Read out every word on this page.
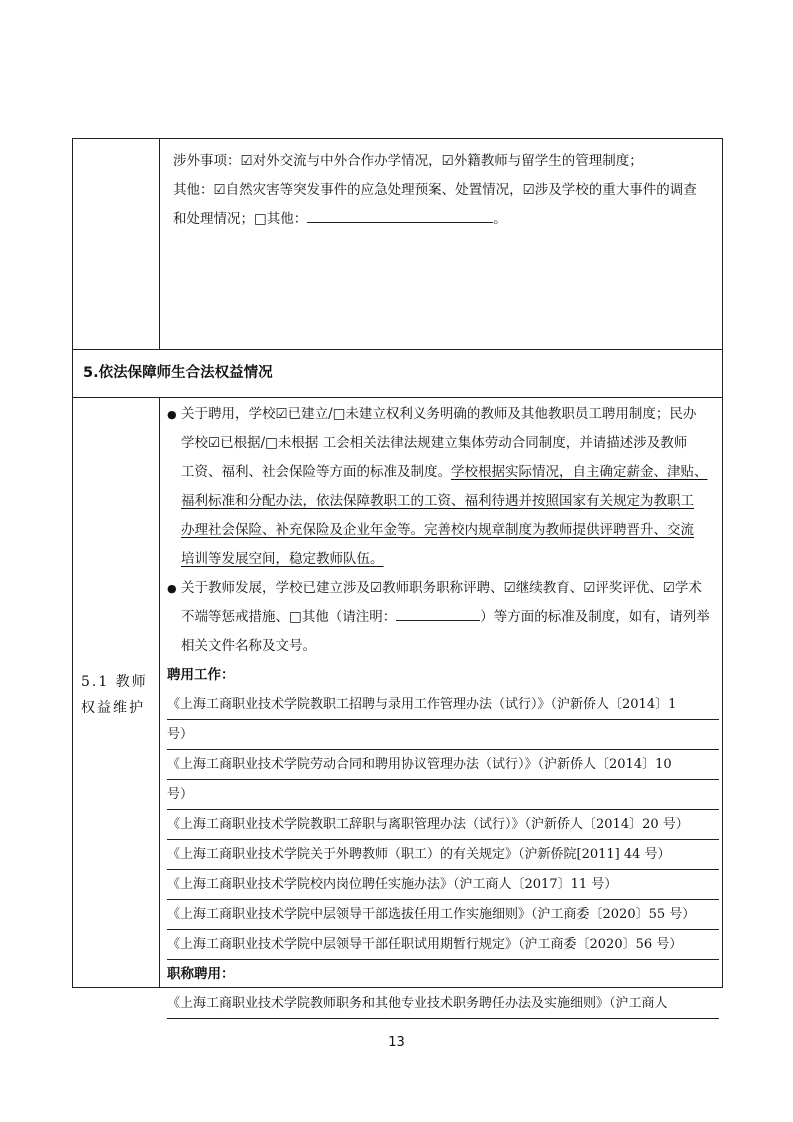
涉外事项：☑对外交流与中外合作办学情况，☑外籍教师与留学生的管理制度；
其他：☑自然灾害等突发事件的应急处理预案、处置情况，☑涉及学校的重大事件的调查
和处理情况；□其他：	。
5.依法保障师生合法权益情况
5.1 教师权益维护
● 关于聘用，学校☑已建立/□未建立权利义务明确的教师及其他教职员工聘用制度；民办
学校☑已根据/□未根据 工会相关法律法规建立集体劳动合同制度，并请描述涉及教师
工资、福利、社会保险等方面的标准及制度。学校根据实际情况，自主确定薪金、津贴、
福利标准和分配办法，依法保障教职工的工资、福利待遇并按照国家有关规定为教职工
办理社会保险、补充保险及企业年金等。完善校内规章制度为教师提供评聘晋升、交流
培训等发展空间，稳定教师队伍。
● 关于教师发展，学校已建立涉及☑教师职务职称评聘、☑继续教育、☑评奖评优、☑学术
不端等惩戒措施、□其他（请注明：	）等方面的标准及制度，如有，请列举
相关文件名称及文号。
聘用工作：
《上海工商职业技术学院教职工招聘与录用工作管理办法（试行）》（沪新侨人〔2014〕1
号）
《上海工商职业技术学院劳动合同和聘用协议管理办法（试行）》（沪新侨人〔2014〕10
号）
《上海工商职业技术学院教职工辞职与离职管理办法（试行）》（沪新侨人〔2014〕20 号）
《上海工商职业技术学院关于外聘教师（职工）的有关规定》（沪新侨院[2011] 44 号）
《上海工商职业技术学院校内岗位聘任实施办法》（沪工商人〔2017〕11 号）
《上海工商职业技术学院中层领导干部选拔任用工作实施细则》（沪工商委〔2020〕55 号）
《上海工商职业技术学院中层领导干部任职试用期暂行规定》（沪工商委〔2020〕56 号）
职称聘用：
《上海工商职业技术学院教师职务和其他专业技术职务聘任办法及实施细则》（沪工商人
13
